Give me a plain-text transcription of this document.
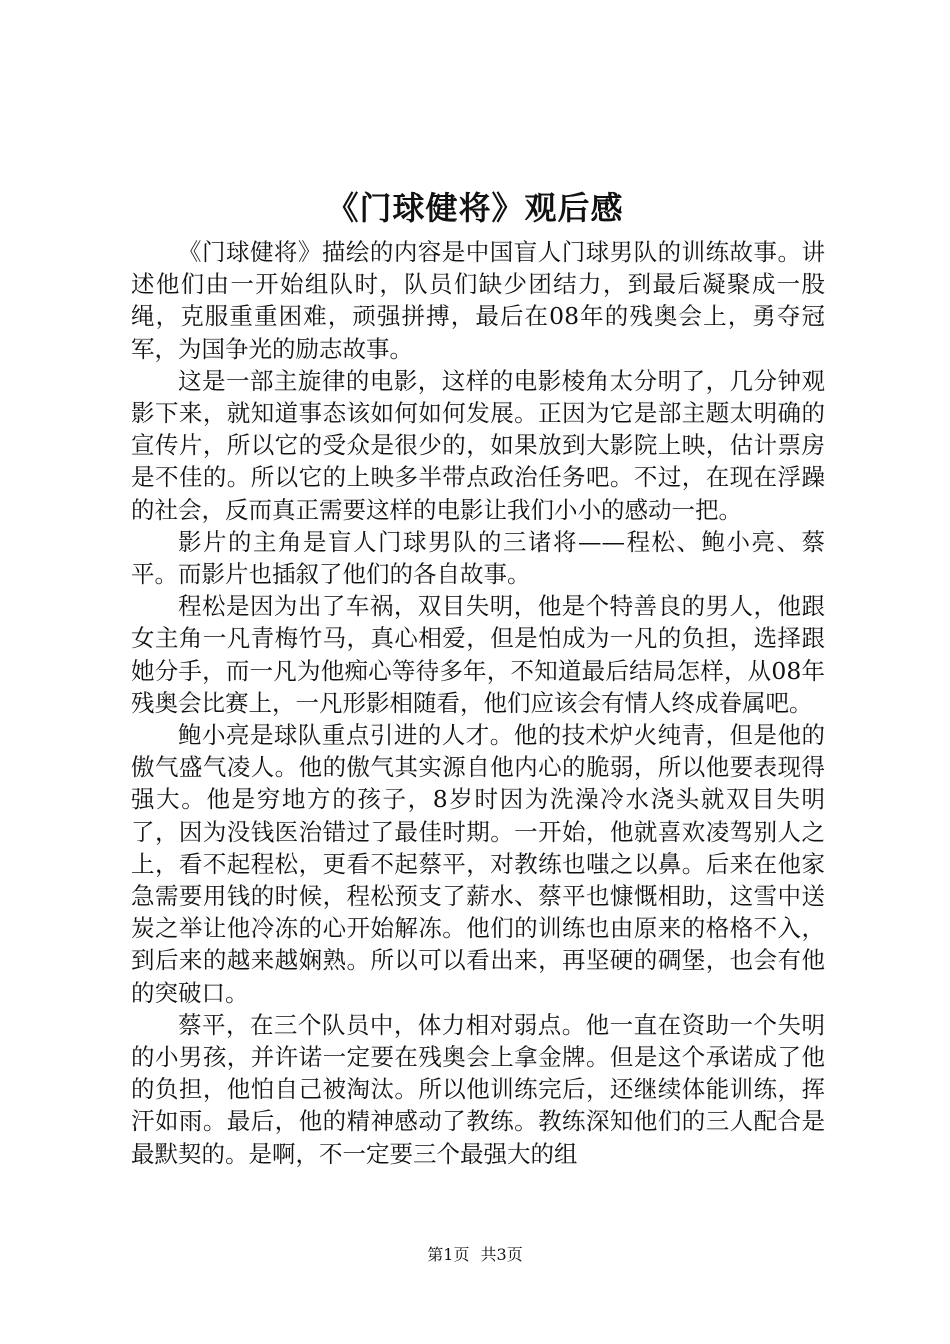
《门球健将》观后感

《门球健将》描绘的内容是中国盲人门球男队的训练故事。讲述他们由一开始组队时，队员们缺少团结力，到最后凝聚成一股绳，克服重重困难，顽强拼搏，最后在08年的残奥会上，勇夺冠军，为国争光的励志故事。

这是一部主旋律的电影，这样的电影棱角太分明了，几分钟观影下来，就知道事态该如何如何发展。正因为它是部主题太明确的宣传片，所以它的受众是很少的，如果放到大影院上映，估计票房是不佳的。所以它的上映多半带点政治任务吧。不过，在现在浮躁的社会，反而真正需要这样的电影让我们小小的感动一把。

影片的主角是盲人门球男队的三诸将——程松、鲍小亮、蔡平。而影片也插叙了他们的各自故事。

程松是因为出了车祸，双目失明，他是个特善良的男人，他跟女主角一凡青梅竹马，真心相爱，但是怕成为一凡的负担，选择跟她分手，而一凡为他痴心等待多年，不知道最后结局怎样，从08年残奥会比赛上，一凡形影相随看，他们应该会有情人终成眷属吧。

鲍小亮是球队重点引进的人才。他的技术炉火纯青，但是他的傲气盛气凌人。他的傲气其实源自他内心的脆弱，所以他要表现得强大。他是穷地方的孩子，8岁时因为洗澡冷水浇头就双目失明了，因为没钱医治错过了最佳时期。一开始，他就喜欢凌驾别人之上，看不起程松，更看不起蔡平，对教练也嗤之以鼻。后来在他家急需要用钱的时候，程松预支了薪水、蔡平也慷慨相助，这雪中送炭之举让他冷冻的心开始解冻。他们的训练也由原来的格格不入，到后来的越来越娴熟。所以可以看出来，再坚硬的碉堡，也会有他的突破口。

蔡平，在三个队员中，体力相对弱点。他一直在资助一个失明的小男孩，并许诺一定要在残奥会上拿金牌。但是这个承诺成了他的负担，他怕自己被淘汰。所以他训练完后，还继续体能训练，挥汗如雨。最后，他的精神感动了教练。教练深知他们的三人配合是最默契的。是啊，不一定要三个最强大的组

第1页 共3页
